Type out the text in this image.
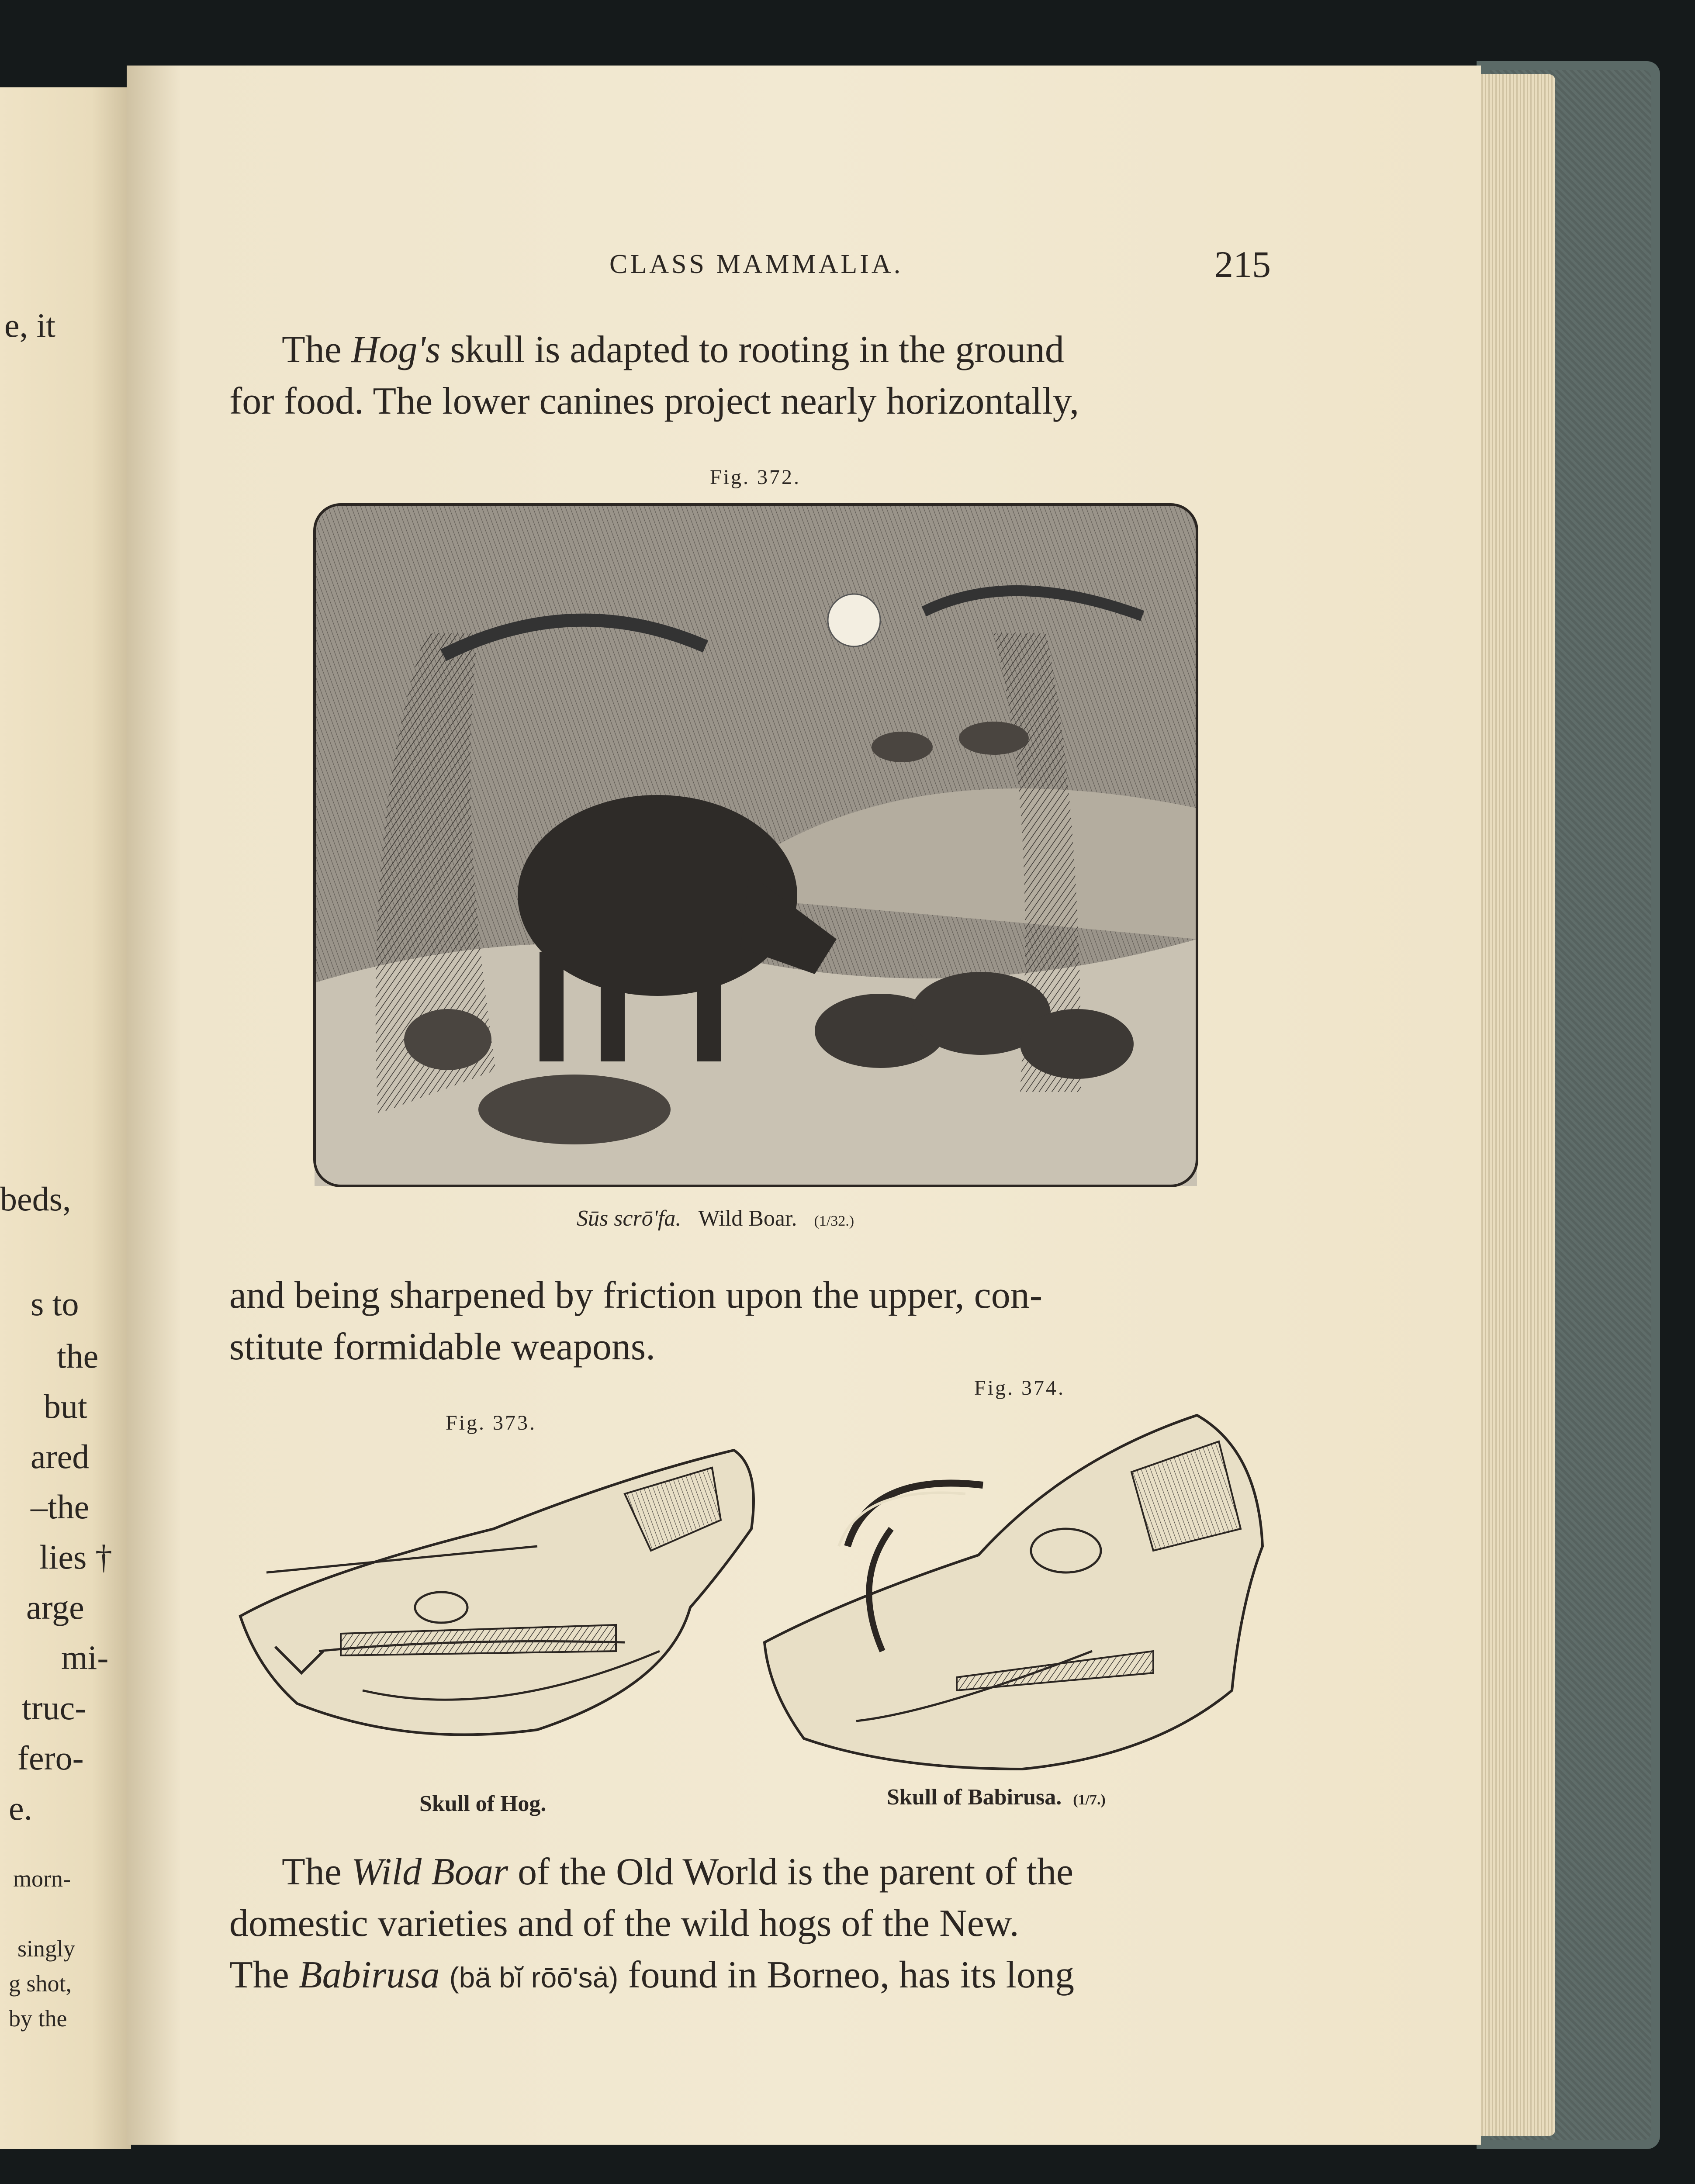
e, it
beds,
s to
the
but
ared
–the
lies †
arge
mi-
truc-
fero-
e.
morn-
singly
g shot,
by the
CLASS MAMMALIA.	215
The Hog's skull is adapted to rooting in the ground
for food. The lower canines project nearly horizontally,
Fig. 372.
Sūs scrō'fa. Wild Boar. (1/32.)
and being sharpened by friction upon the upper, con-
stitute formidable weapons.
Fig. 374.
Fig. 373.
Skull of Hog.	Skull of Babirusa. (1/7.)
The Wild Boar of the Old World is the parent of the
domestic varieties and of the wild hogs of the New.
The Babirusa (bä bĭ rōō'sȧ) found in Borneo, has its long
